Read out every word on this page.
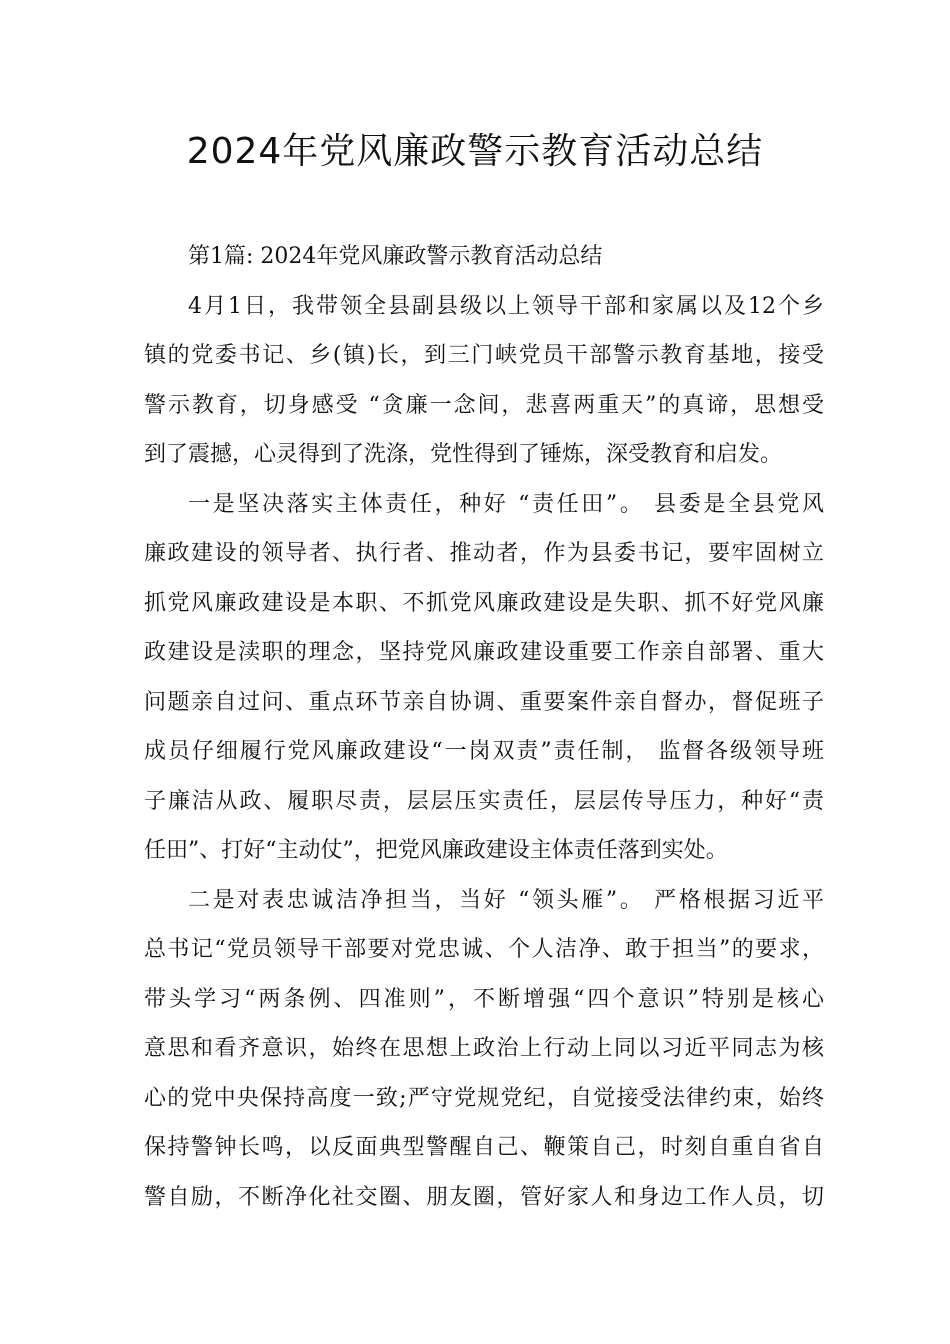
2024年党风廉政警示教育活动总结
第1篇: 2024年党风廉政警示教育活动总结
4月1日，我带领全县副县级以上领导干部和家属以及12个乡
镇的党委书记、乡(镇)长，到三门峡党员干部警示教育基地，接受
警示教育，切身感受 “贪廉一念间，悲喜两重天”的真谛，思想受
到了震撼，心灵得到了洗涤，党性得到了锤炼，深受教育和启发。
一是坚决落实主体责任，种好 “责任田”。 县委是全县党风
廉政建设的领导者、执行者、推动者，作为县委书记，要牢固树立
抓党风廉政建设是本职、不抓党风廉政建设是失职、抓不好党风廉
政建设是渎职的理念，坚持党风廉政建设重要工作亲自部署、重大
问题亲自过问、重点环节亲自协调、重要案件亲自督办，督促班子
成员仔细履行党风廉政建设“一岗双责”责任制， 监督各级领导班
子廉洁从政、履职尽责，层层压实责任，层层传导压力，种好“责
任田”、打好“主动仗”，把党风廉政建设主体责任落到实处。
二是对表忠诚洁净担当，当好 “领头雁”。 严格根据习近平
总书记“党员领导干部要对党忠诚、个人洁净、敢于担当”的要求，
带头学习“两条例、四准则”，不断增强“四个意识”特别是核心
意思和看齐意识，始终在思想上政治上行动上同以习近平同志为核
心的党中央保持高度一致;严守党规党纪，自觉接受法律约束，始终
保持警钟长鸣，以反面典型警醒自己、鞭策自己，时刻自重自省自
警自励，不断净化社交圈、朋友圈，管好家人和身边工作人员，切
